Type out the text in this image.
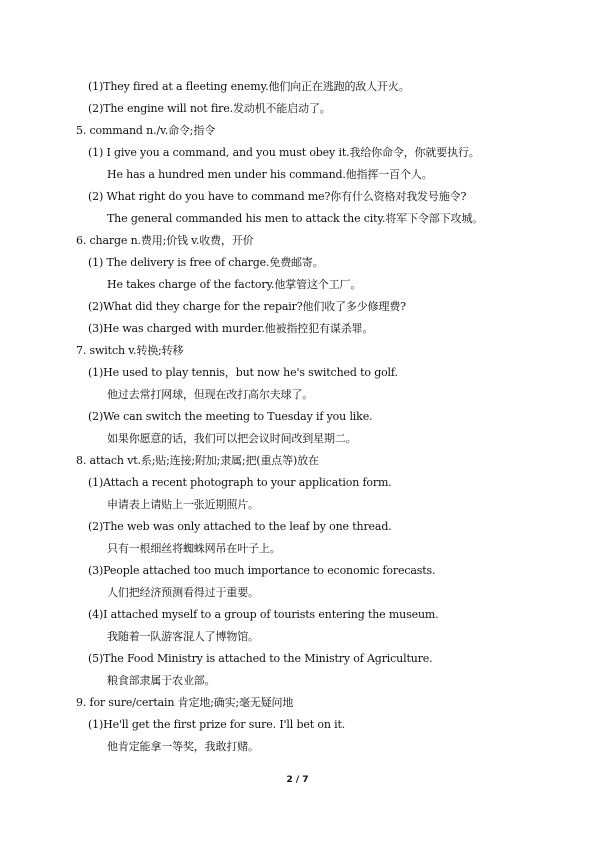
(1)They fired at a fleeting enemy.他们向正在逃跑的敌人开火。
(2)The engine will not fire.发动机不能启动了。
5. command n./v.命令;指令
(1) I give you a command, and you must obey it.我给你命令，你就要执行。
He has a hundred men under his command.他指挥一百个人。
(2) What right do you have to command me?你有什么资格对我发号施令?
The general commanded his men to attack the city.将军下令部下攻城。
6. charge n.费用;价钱 v.收费，开价
(1) The delivery is free of charge.免费邮寄。
He takes charge of the factory.他掌管这个工厂。
(2)What did they charge for the repair?他们收了多少修理费?
(3)He was charged with murder.他被指控犯有谋杀罪。
7. switch v.转换;转移
(1)He used to play tennis，but now he's switched to golf.
他过去常打网球，但现在改打高尔夫球了。
(2)We can switch the meeting to Tuesday if you like.
如果你愿意的话，我们可以把会议时间改到星期二。
8. attach vt.系;贴;连接;附加;隶属;把(重点等)放在
(1)Attach a recent photograph to your application form.
申请表上请贴上一张近期照片。
(2)The web was only attached to the leaf by one thread.
只有一根细丝将蜘蛛网吊在叶子上。
(3)People attached too much importance to economic forecasts.
人们把经济预测看得过于重要。
(4)I attached myself to a group of tourists entering the museum.
我随着一队游客混人了博物馆。
(5)The Food Ministry is attached to the Ministry of Agriculture.
粮食部隶属于农业部。
9. for sure/certain 肯定地;确实;毫无疑问地
(1)He'll get the first prize for sure. I'll bet on it.
他肯定能拿一等奖，我敢打赌。
2 / 7
